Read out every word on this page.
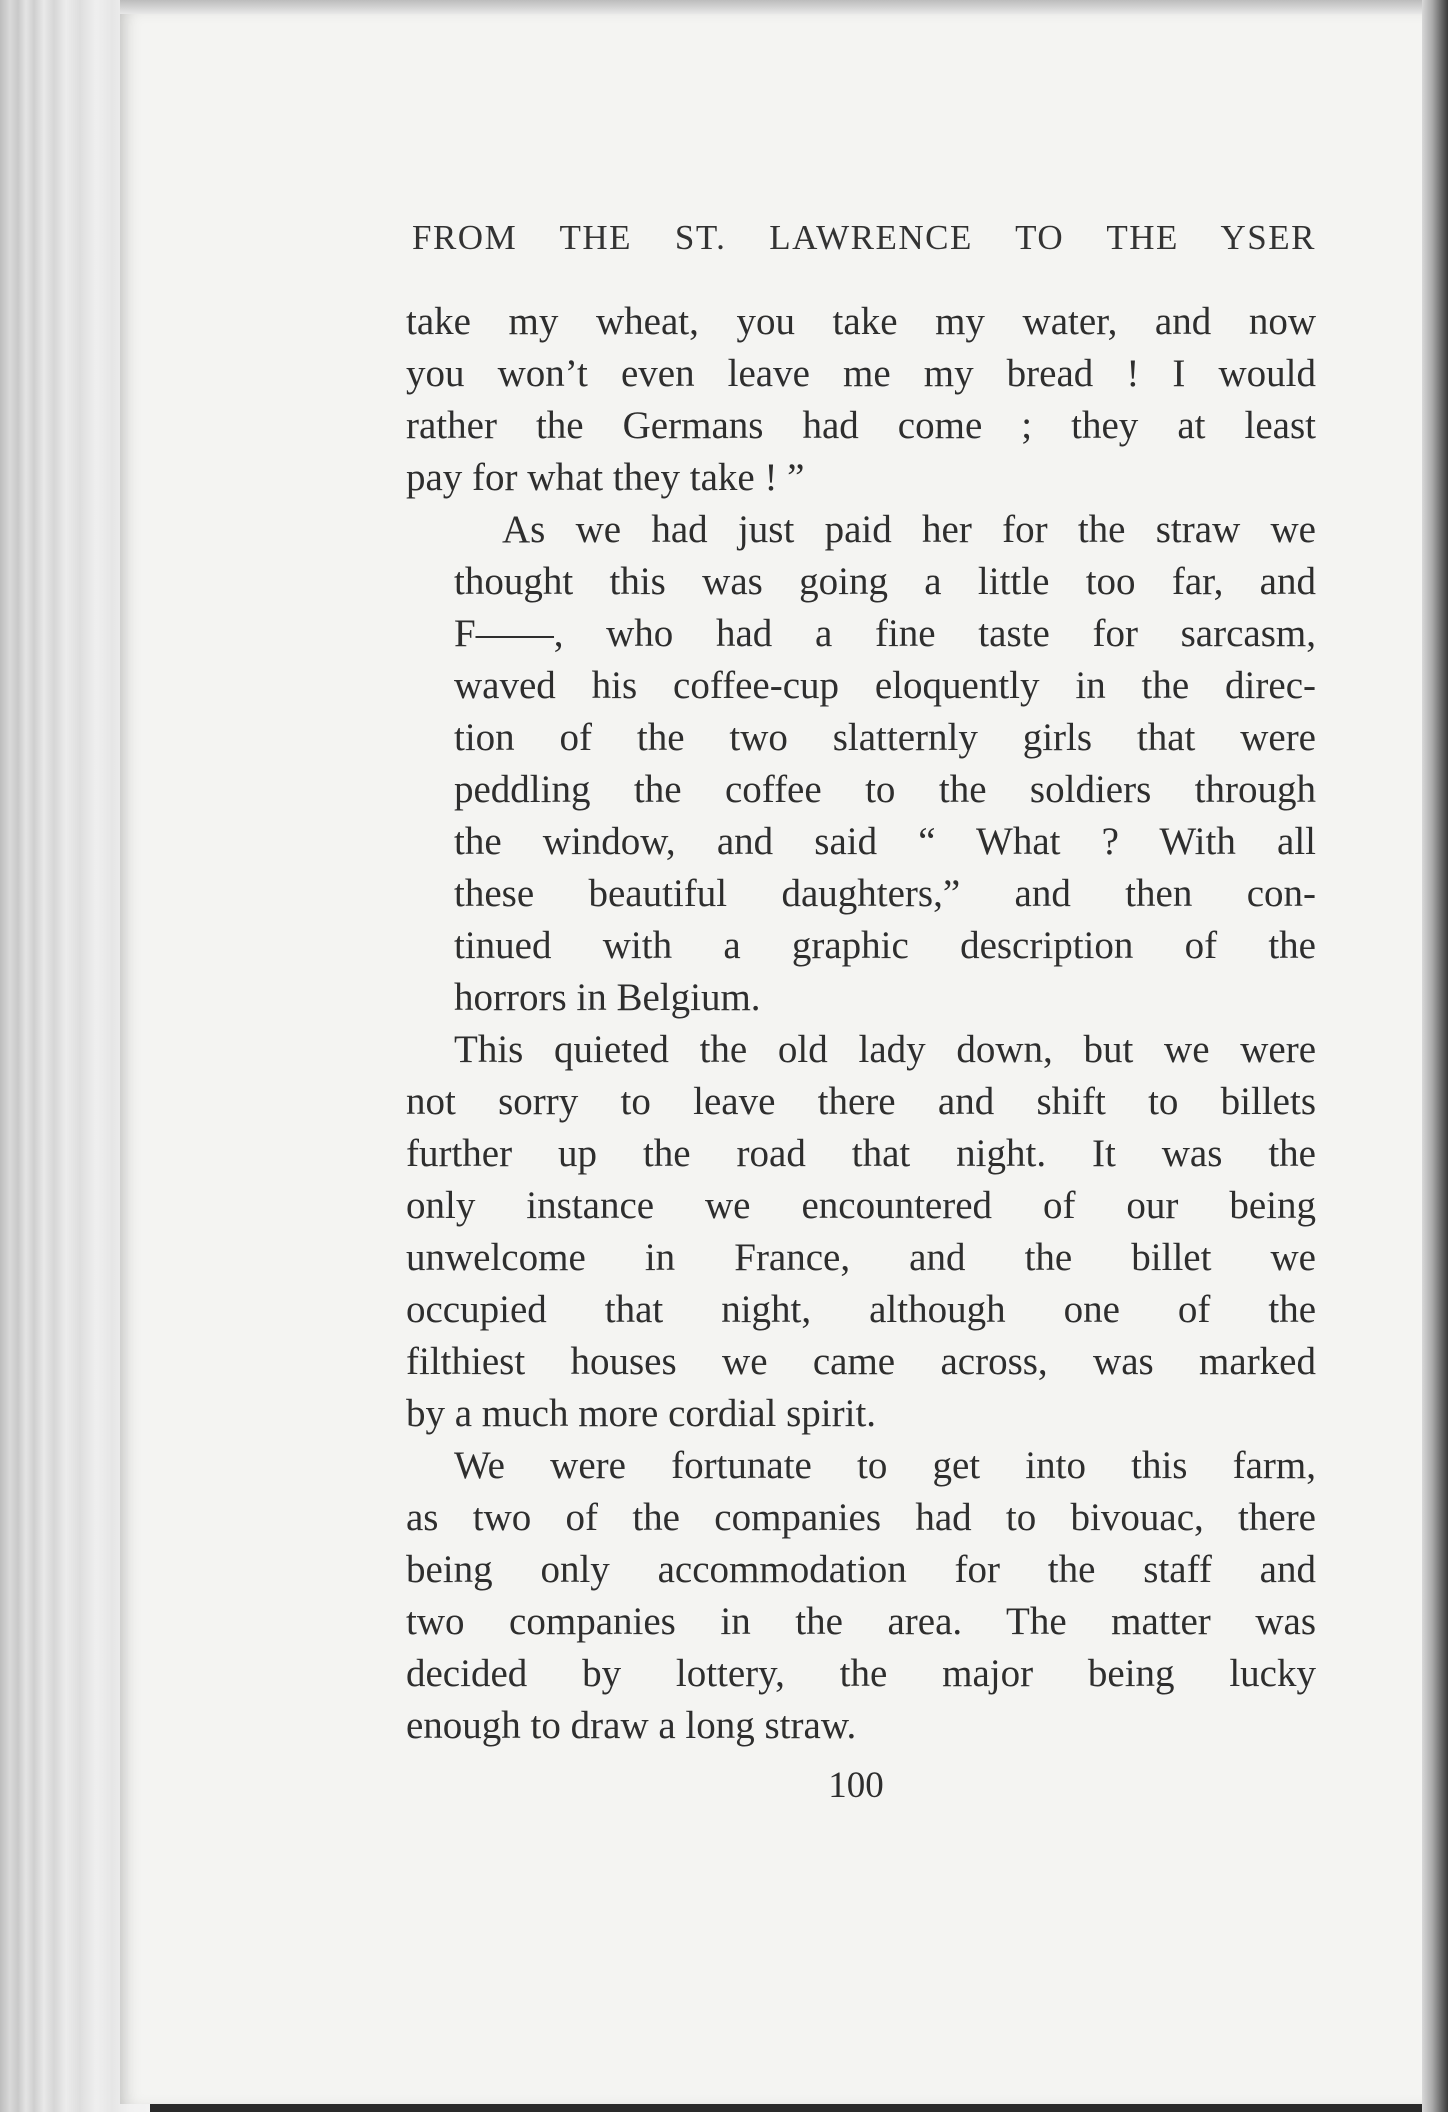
FROM THE ST. LAWRENCE TO THE YSER

take my wheat, you take my water, and now
you won’t even leave me my bread ! I would
rather the Germans had come ; they at least
pay for what they take ! ”

As we had just paid her for the straw we
thought this was going a little too far, and
F——, who had a fine taste for sarcasm,
waved his coffee-cup eloquently in the direc-
tion of the two slatternly girls that were
peddling the coffee to the soldiers through
the window, and said “ What ? With all
these beautiful daughters,” and then con-
tinued with a graphic description of the
horrors in Belgium.

This quieted the old lady down, but we were
not sorry to leave there and shift to billets
further up the road that night. It was the
only instance we encountered of our being
unwelcome in France, and the billet we
occupied that night, although one of the
filthiest houses we came across, was marked
by a much more cordial spirit.

We were fortunate to get into this farm,
as two of the companies had to bivouac, there
being only accommodation for the staff and
two companies in the area. The matter was
decided by lottery, the major being lucky
enough to draw a long straw.

100
